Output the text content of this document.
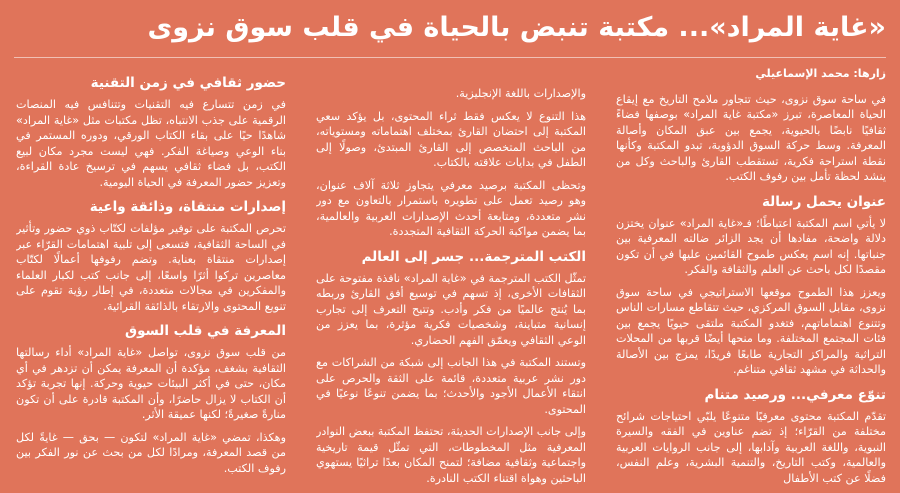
«غاية المراد»... مكتبة تنبض بالحياة في قلب سوق نزوى
زارها: محمد الإسماعيلي

في ساحة سوق نزوى، حيث تتجاور ملامح التاريخ مع إيقاع الحياة المعاصرة، تبرز «مكتبة غاية المراد» بوصفها فضاءً ثقافيًا نابضًا بالحيوية، يجمع بين عبق المكان وأصالة المعرفة. وسط حركة السوق الدؤوبة، تبدو المكتبة وكأنها نقطة استراحة فكرية، تستقطب القارئ والباحث وكل من ينشد لحظة تأمل بين رفوف الكتب.

عنوان يحمل رسالة

لا يأتي اسم المكتبة اعتباطًا؛ فـ«غاية المراد» عنوان يختزن دلالة واضحة، مفادها أن يجد الزائر ضالته المعرفية بين جنباتها. إنه اسم يعكس طموح القائمين عليها في أن تكون مقصدًا لكل باحث عن العلم والثقافة والفكر.

ويعزز هذا الطموح موقعها الاستراتيجي في ساحة سوق نزوى، مقابل السوق المركزي، حيث تتقاطع مسارات الناس وتتنوع اهتماماتهم، فتغدو المكتبة ملتقى حيويًا يجمع بين فئات المجتمع المختلفة. وما منحها أيضًا قربها من المحلات التراثية والمراكز التجارية طابعًا فريدًا، يمزج بين الأصالة والحداثة في مشهد ثقافي متناغم.

تنوّع معرفي... ورصيد متنام

تقدّم المكتبة محتوى معرفيًا متنوعًا يلبّي احتياجات شرائح مختلفة من القرّاء؛ إذ تضم عناوين في الفقه والسيرة النبوية، واللغة العربية وآدابها، إلى جانب الروايات العربية والعالمية، وكتب التاريخ، والتنمية البشرية، وعلم النفس، فضلًا عن كتب الأطفال

والإصدارات باللغة الإنجليزية.

هذا التنوع لا يعكس فقط ثراء المحتوى، بل يؤكد سعي المكتبة إلى احتضان القارئ بمختلف اهتماماته ومستوياته، من الباحث المتخصص إلى القارئ المبتدئ، وصولًا إلى الطفل في بدايات علاقته بالكتاب.

وتحظى المكتبة برصيد معرفي يتجاوز ثلاثة آلاف عنوان، وهو رصيد تعمل على تطويره باستمرار بالتعاون مع دور نشر متعددة، ومتابعة أحدث الإصدارات العربية والعالمية، بما يضمن مواكبة الحركة الثقافية المتجددة.

الكتب المترجمة... جسر إلى العالم

تمثّل الكتب المترجمة في «غاية المراد» نافذة مفتوحة على الثقافات الأخرى، إذ تسهم في توسيع أفق القارئ وربطه بما يُنتج عالميًا من فكر وأدب. وتتيح التعرف إلى تجارب إنسانية متباينة، وشخصيات فكرية مؤثرة، بما يعزز من الوعي الثقافي ويعمّق الفهم الحضاري.

وتستند المكتبة في هذا الجانب إلى شبكة من الشراكات مع دور نشر عربية متعددة، قائمة على الثقة والحرص على انتقاء الأعمال الأجود والأحدث؛ بما يضمن تنوعًا نوعيًا في المحتوى.

وإلى جانب الإصدارات الحديثة، تحتفظ المكتبة ببعض النوادر المعرفية مثل المخطوطات، التي تمثّل قيمة تاريخية واجتماعية وثقافية مضافة؛ لتمنح المكان بعدًا تراثيًا يستهوي الباحثين وهواة اقتناء الكتب النادرة.

حضور ثقافي في زمن التقنية

في زمن تتسارع فيه التقنيات وتتنافس فيه المنصات الرقمية على جذب الانتباه، تظل مكتبات مثل «غاية المراد» شاهدًا حيًا على بقاء الكتاب الورقي، ودوره المستمر في بناء الوعي وصياغة الفكر. فهي ليست مجرد مكان لبيع الكتب، بل فضاء ثقافي يسهم في ترسيخ عادة القراءة، وتعزيز حضور المعرفة في الحياة اليومية.

إصدارات منتقاة، وذائقة واعية

تحرص المكتبة على توفير مؤلفات لكتّاب ذوي حضور وتأثير في الساحة الثقافية، فتسعى إلى تلبية اهتمامات القرّاء عبر إصدارات منتقاة بعناية. وتضم رفوفها أعمالًا لكتّاب معاصرين تركوا أثرًا واسعًا، إلى جانب كتب لكبار العلماء والمفكرين في مجالات متعددة، في إطار رؤية تقوم على تنويع المحتوى والارتقاء بالذائقة القرائية.

المعرفة في قلب السوق

من قلب سوق نزوى، تواصل «غاية المراد» أداء رسالتها الثقافية بشغف، مؤكدة أن المعرفة يمكن أن تزدهر في أي مكان، حتى في أكثر البيئات حيوية وحركة. إنها تجربة تؤكد أن الكتاب لا يزال حاضرًا، وأن المكتبة قادرة على أن تكون منارةً صغيرةً؛ لكنها عميقة الأثر.

وهكذا، تمضي «غاية المراد» لتكون — بحق — غايةً لكل من قصد المعرفة، ومرادًا لكل من بحث عن نور الفكر بين رفوف الكتب.
